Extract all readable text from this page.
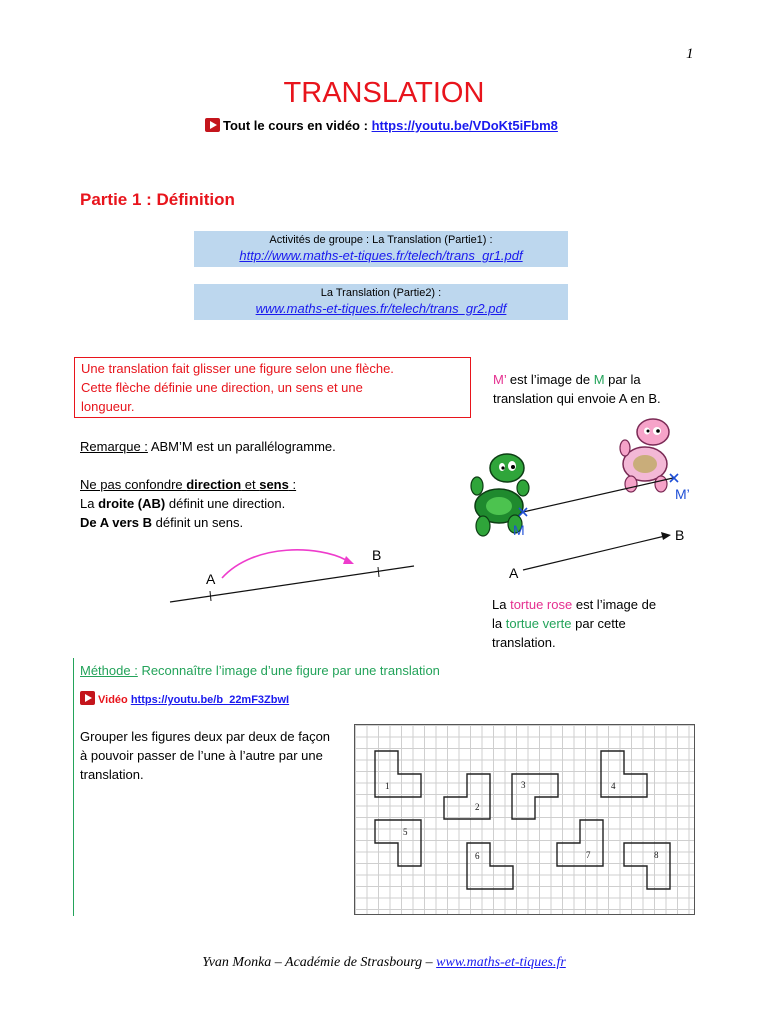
1
TRANSLATION
Tout le cours en vidéo : https://youtu.be/VDoKt5iFbm8
Partie 1 : Définition
Activités de groupe : La Translation (Partie1) :
http://www.maths-et-tiques.fr/telech/trans_gr1.pdf
La Translation (Partie2) :
www.maths-et-tiques.fr/telech/trans_gr2.pdf
Une translation fait glisser une figure selon une flèche.
Cette flèche définie une direction, un sens et une
longueur.
Remarque : ABM’M est un parallélogramme.
Ne pas confondre direction et sens :
La droite (AB) définit une direction.
De A vers B définit un sens.
A
B
M’ est l’image de M par la
translation qui envoie A en B.
M’
M
A
B
La tortue rose est l’image de
la tortue verte par cette
translation.
Méthode : Reconnaître l’image d’une figure par une translation
Vidéo https://youtu.be/b_22mF3ZbwI
Grouper les figures deux par deux de façon
à pouvoir passer de l’une à l’autre par une
translation.
1
2
3	4
5
6	7	8
Yvan Monka – Académie de Strasbourg – www.maths-et-tiques.fr
